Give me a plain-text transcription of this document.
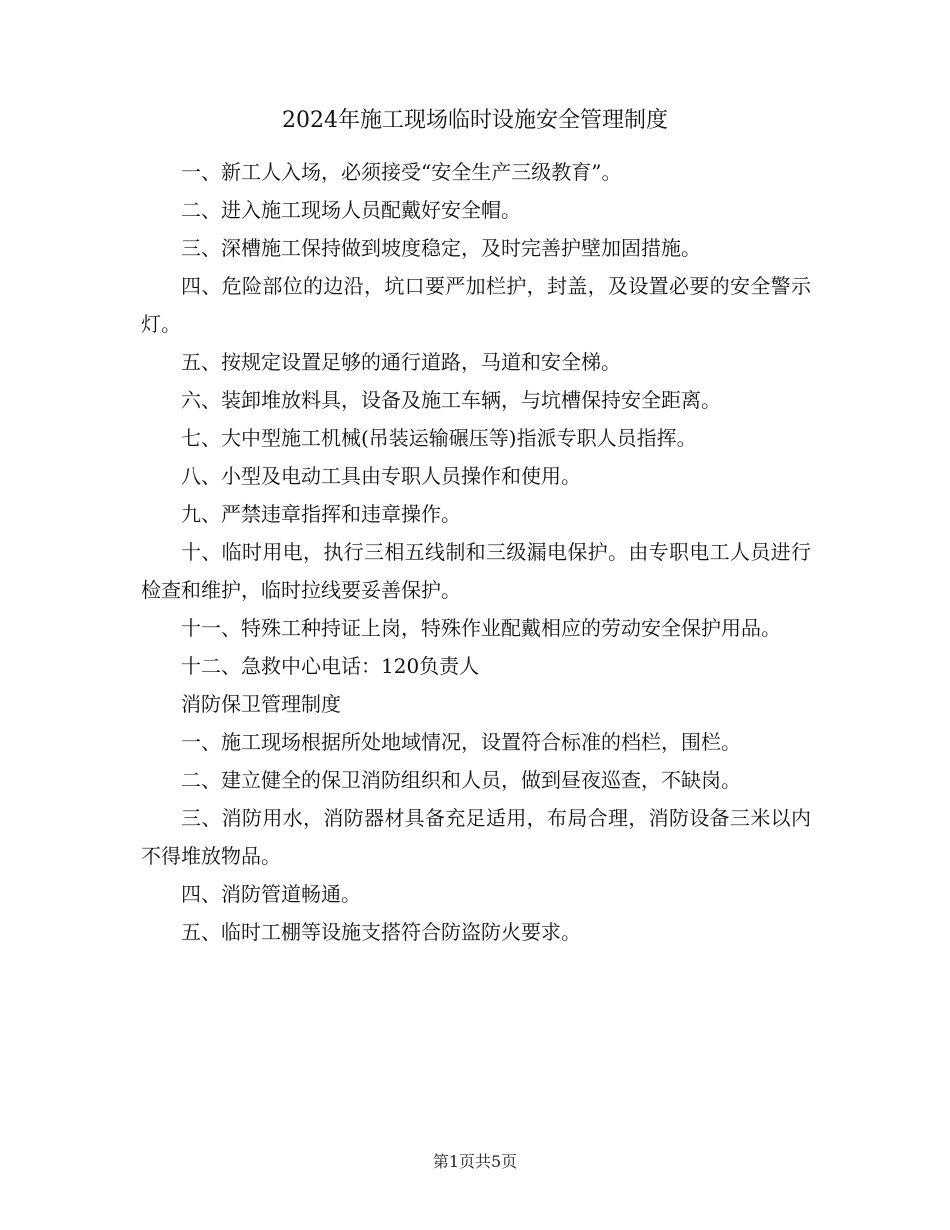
2024年施工现场临时设施安全管理制度

一、新工人入场，必须接受“安全生产三级教育”。

二、进入施工现场人员配戴好安全帽。

三、深槽施工保持做到坡度稳定，及时完善护壁加固措施。

四、危险部位的边沿，坑口要严加栏护，封盖，及设置必要的安全警示灯。

五、按规定设置足够的通行道路，马道和安全梯。

六、装卸堆放料具，设备及施工车辆，与坑槽保持安全距离。

七、大中型施工机械(吊装运输碾压等)指派专职人员指挥。

八、小型及电动工具由专职人员操作和使用。

九、严禁违章指挥和违章操作。

十、临时用电，执行三相五线制和三级漏电保护。由专职电工人员进行检查和维护，临时拉线要妥善保护。

十一、特殊工种持证上岗，特殊作业配戴相应的劳动安全保护用品。

十二、急救中心电话：120负责人

消防保卫管理制度

一、施工现场根据所处地域情况，设置符合标准的档栏，围栏。

二、建立健全的保卫消防组织和人员，做到昼夜巡查，不缺岗。

三、消防用水，消防器材具备充足适用，布局合理，消防设备三米以内不得堆放物品。

四、消防管道畅通。

五、临时工棚等设施支搭符合防盗防火要求。

第1页共5页
